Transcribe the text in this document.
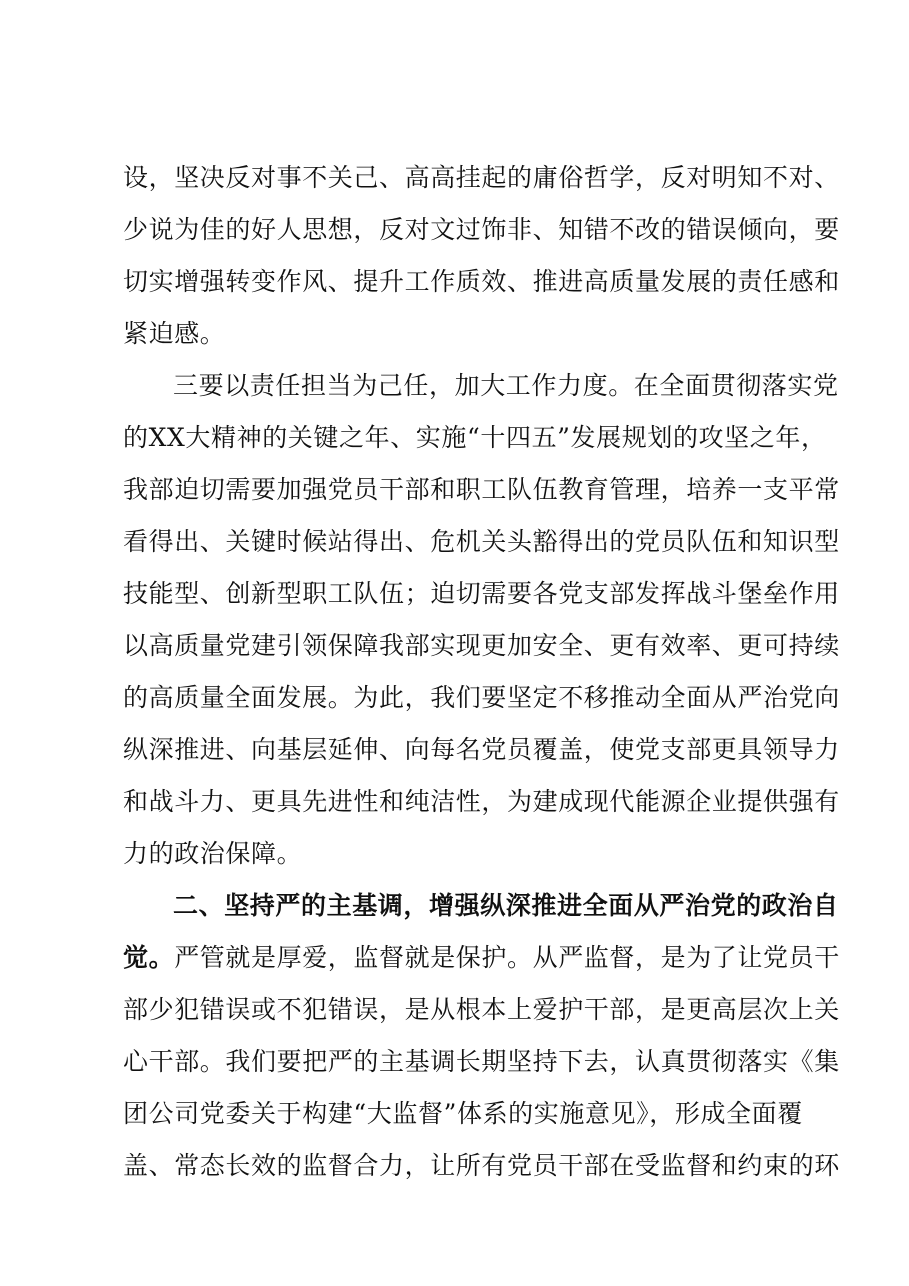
设，坚决反对事不关己、高高挂起的庸俗哲学，反对明知不对、
少说为佳的好人思想，反对文过饰非、知错不改的错误倾向，要
切实增强转变作风、提升工作质效、推进高质量发展的责任感和
紧迫感。
三要以责任担当为己任，加大工作力度。在全面贯彻落实党
的XX大精神的关键之年、实施“十四五”发展规划的攻坚之年，
我部迫切需要加强党员干部和职工队伍教育管理，培养一支平常
看得出、关键时候站得出、危机关头豁得出的党员队伍和知识型
技能型、创新型职工队伍；迫切需要各党支部发挥战斗堡垒作用
以高质量党建引领保障我部实现更加安全、更有效率、更可持续
的高质量全面发展。为此，我们要坚定不移推动全面从严治党向
纵深推进、向基层延伸、向每名党员覆盖，使党支部更具领导力
和战斗力、更具先进性和纯洁性，为建成现代能源企业提供强有
力的政治保障。
二、坚持严的主基调，增强纵深推进全面从严治党的政治自
觉。严管就是厚爱，监督就是保护。从严监督，是为了让党员干
部少犯错误或不犯错误，是从根本上爱护干部，是更高层次上关
心干部。我们要把严的主基调长期坚持下去，认真贯彻落实《集
团公司党委关于构建“大监督”体系的实施意见》，形成全面覆
盖、常态长效的监督合力，让所有党员干部在受监督和约束的环
